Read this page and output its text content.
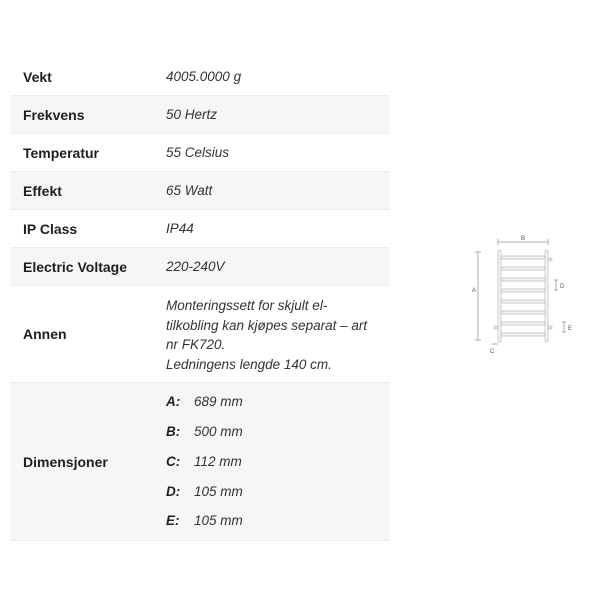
Vekt	4005.0000 g
Frekvens	50 Hertz
Temperatur	55 Celsius
Effekt	65 Watt
IP Class	IP44
Electric Voltage	220-240V
Annen
Monteringssett for skjult el-
tilkobling kan kjøpes separat – art
nr FK720.
Ledningens lengde 140 cm.
Dimensjoner
A:	689 mm
B:	500 mm
C:	112 mm
D:	105 mm
E:	105 mm
B
A
D
E
C
